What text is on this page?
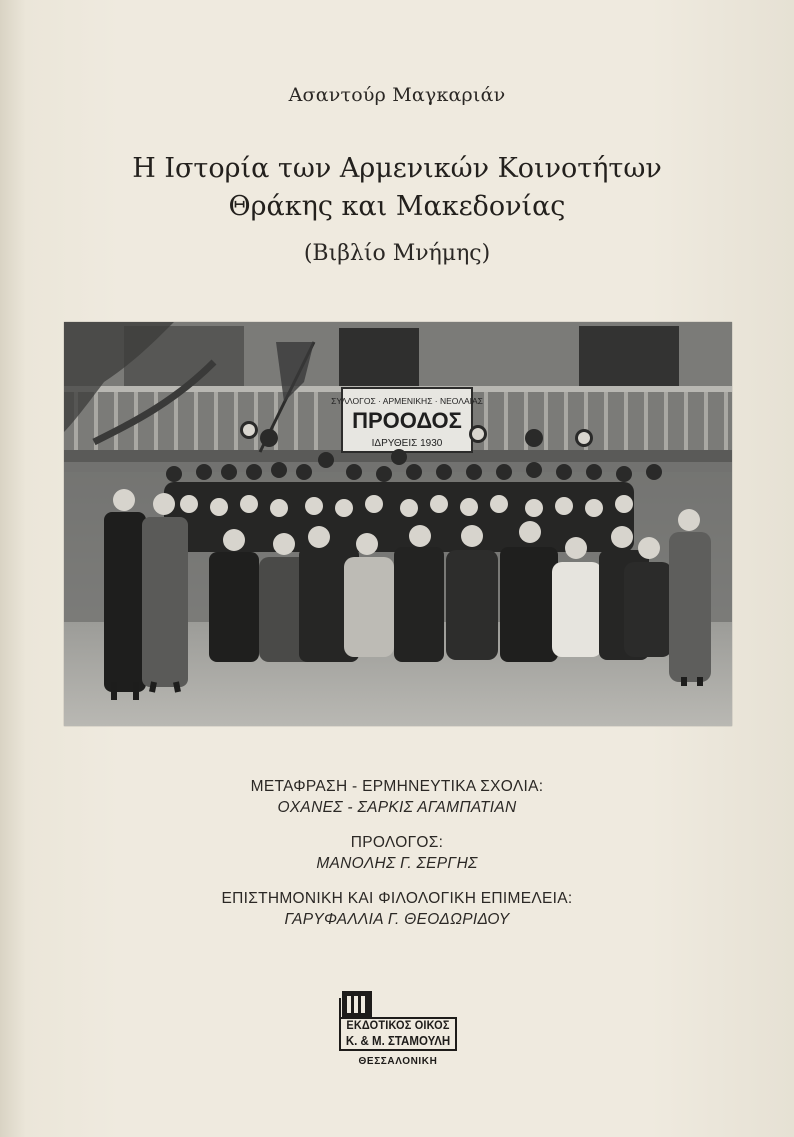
Ασαντούρ Μαγκαριάν
Η Ιστορία των Αρμενικών Κοινοτήτων
Θράκης και Μακεδονίας
(Βιβλίο Μνήμης)
ΣΥΛΛΟΓΟΣ · ΑΡΜΕΝΙΚΗΣ · ΝΕΟΛΑΙΑΣ
ΠΡΟΟΔΟΣ
ΙΔΡΥΘΕΙΣ 1930

ΜΕΤΑΦΡΑΣΗ - ΕΡΜΗΝΕΥΤΙΚΑ ΣΧΟΛΙΑ:

ΟΧΑΝΕΣ - ΣΑΡΚΙΣ ΑΓΑΜΠΑΤΙΑΝ

ΠΡΟΛΟΓΟΣ:

ΜΑΝΟΛΗΣ Γ. ΣΕΡΓΗΣ

ΕΠΙΣΤΗΜΟΝΙΚΗ ΚΑΙ ΦΙΛΟΛΟΓΙΚΗ ΕΠΙΜΕΛΕΙΑ:

ΓΑΡΥΦΑΛΛΙΑ Γ. ΘΕΟΔΩΡΙΔΟΥ

ΕΚΔΟΤΙΚΟΣ ΟΙΚΟΣ
Κ. & Μ. ΣΤΑΜΟΥΛΗ
ΘΕΣΣΑΛΟΝΙΚΗ
